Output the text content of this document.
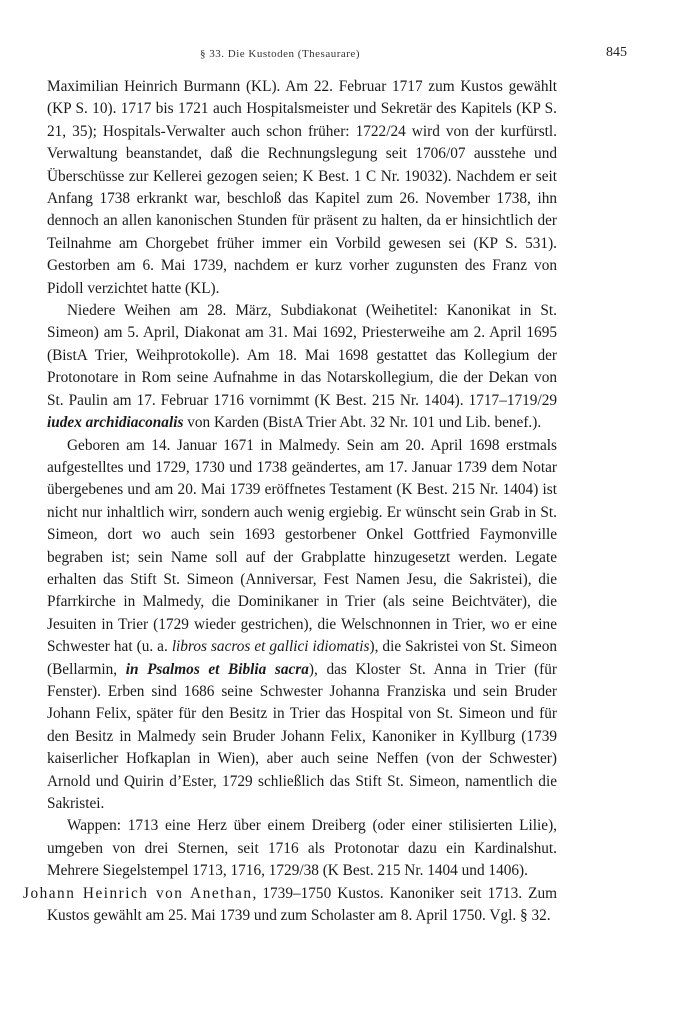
§ 33. Die Kustoden (Thesaurare)	845

Maximilian Heinrich Burmann (KL). Am 22. Februar 1717 zum Kustos gewählt (KP S. 10). 1717 bis 1721 auch Hospitalsmeister und Sekretär des Kapitels (KP S. 21, 35); Hospitals-Verwalter auch schon früher: 1722/24 wird von der kurfürstl. Verwaltung beanstandet, daß die Rechnungslegung seit 1706/07 ausstehe und Überschüsse zur Kellerei gezogen seien; K Best. 1 C Nr. 19032). Nachdem er seit Anfang 1738 erkrankt war, beschloß das Kapitel zum 26. November 1738, ihn dennoch an allen kanonischen Stunden für präsent zu halten, da er hinsichtlich der Teilnahme am Chorgebet früher immer ein Vorbild gewesen sei (KP S. 531). Gestorben am 6. Mai 1739, nachdem er kurz vorher zugunsten des Franz von Pidoll verzichtet hatte (KL).

Niedere Weihen am 28. März, Subdiakonat (Weihetitel: Kanonikat in St. Simeon) am 5. April, Diakonat am 31. Mai 1692, Priesterweihe am 2. April 1695 (BistA Trier, Weihprotokolle). Am 18. Mai 1698 gestattet das Kollegium der Protonotare in Rom seine Aufnahme in das Notarskollegium, die der Dekan von St. Paulin am 17. Februar 1716 vornimmt (K Best. 215 Nr. 1404). 1717–1719/29 iudex archidiaconalis von Karden (BistA Trier Abt. 32 Nr. 101 und Lib. benef.).

Geboren am 14. Januar 1671 in Malmedy. Sein am 20. April 1698 erstmals aufgestelltes und 1729, 1730 und 1738 geändertes, am 17. Januar 1739 dem Notar übergebenes und am 20. Mai 1739 eröffnetes Testament (K Best. 215 Nr. 1404) ist nicht nur inhaltlich wirr, sondern auch wenig ergiebig. Er wünscht sein Grab in St. Simeon, dort wo auch sein 1693 gestorbener Onkel Gottfried Faymonville begraben ist; sein Name soll auf der Grabplatte hinzugesetzt werden. Legate erhalten das Stift St. Simeon (Anniversar, Fest Namen Jesu, die Sakristei), die Pfarrkirche in Malmedy, die Dominikaner in Trier (als seine Beichtväter), die Jesuiten in Trier (1729 wieder gestrichen), die Welschnonnen in Trier, wo er eine Schwester hat (u. a. libros sacros et gallici idiomatis), die Sakristei von St. Simeon (Bellarmin, in Psalmos et Biblia sacra), das Kloster St. Anna in Trier (für Fenster). Erben sind 1686 seine Schwester Johanna Franziska und sein Bruder Johann Felix, später für den Besitz in Trier das Hospital von St. Simeon und für den Besitz in Malmedy sein Bruder Johann Felix, Kanoniker in Kyllburg (1739 kaiserlicher Hofkaplan in Wien), aber auch seine Neffen (von der Schwester) Arnold und Quirin d’Ester, 1729 schließlich das Stift St. Simeon, namentlich die Sakristei.

Wappen: 1713 eine Herz über einem Dreiberg (oder einer stilisierten Lilie), umgeben von drei Sternen, seit 1716 als Protonotar dazu ein Kardinalshut. Mehrere Siegelstempel 1713, 1716, 1729/38 (K Best. 215 Nr. 1404 und 1406).

Johann Heinrich von Anethan, 1739–1750 Kustos. Kanoniker seit 1713. Zum Kustos gewählt am 25. Mai 1739 und zum Scholaster am 8. April 1750. Vgl. § 32.
